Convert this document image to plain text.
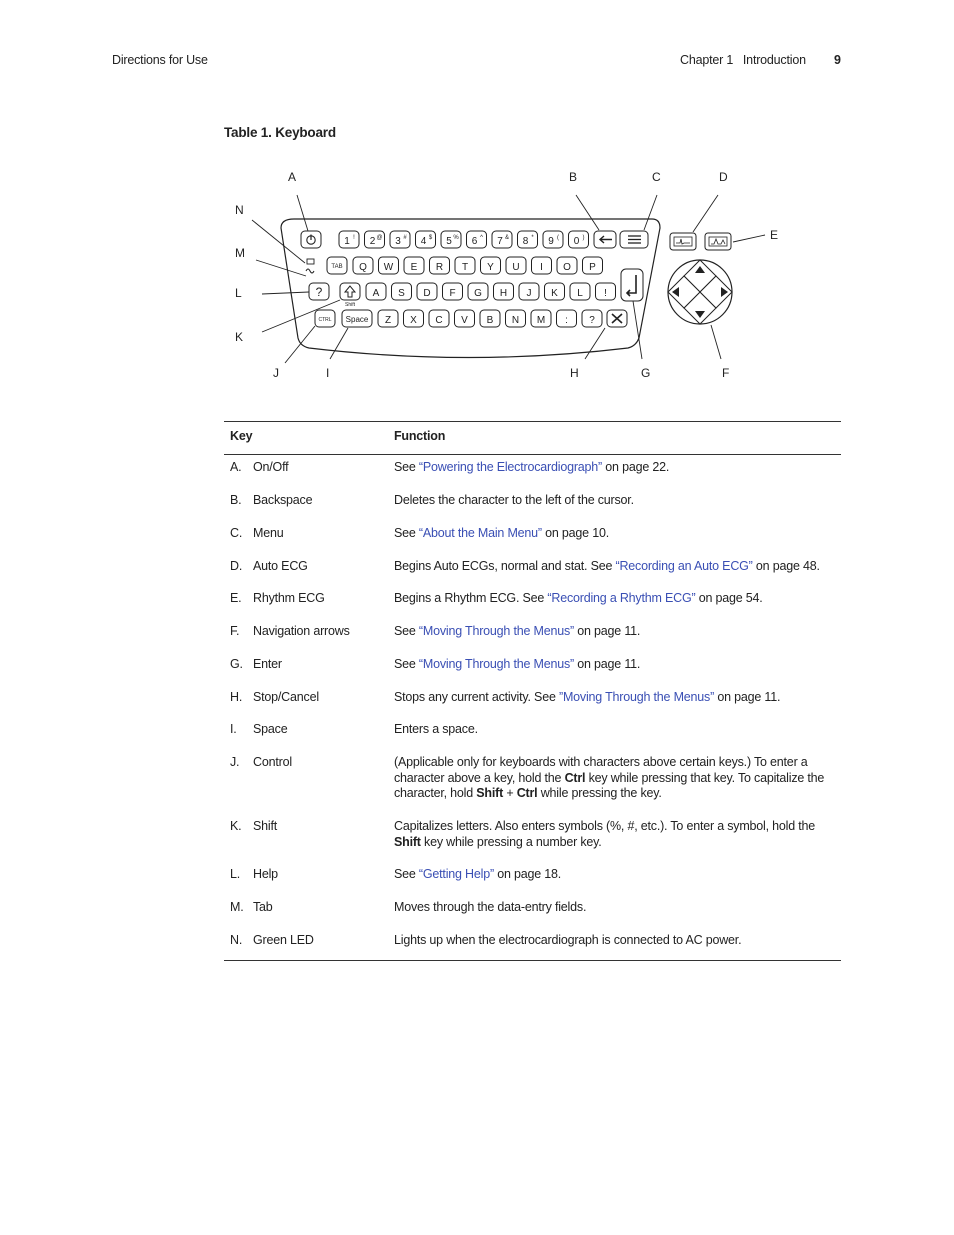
Directions for Use	Chapter 1   Introduction 9
Table 1. Keyboard
A	B	C	D
E
F
G
H
I
J
K
L
M
N
1 ! 2 @ 3 # 4 $ 5 % 6 ^ 7 & 8 * 9 ( 0 )
TAB Q W E R T Y U I O P
?
Shift
A S D F G H J K L !
CTRL Space Z X C V B N M : ?
Key	Function
A. On/Off	See “Powering the Electrocardiograph” on page 22.
B. Backspace	Deletes the character to the left of the cursor.
C. Menu	See “About the Main Menu” on page 10.
D. Auto ECG	Begins Auto ECGs, normal and stat. See “Recording an Auto ECG” on page 48.
E. Rhythm ECG	Begins a Rhythm ECG. See “Recording a Rhythm ECG” on page 54.
F. Navigation arrows	See “Moving Through the Menus” on page 11.
G. Enter	See “Moving Through the Menus” on page 11.
H. Stop/Cancel	Stops any current activity. See ”Moving Through the Menus” on page 11.
I. Space	Enters a space.
J. Control	(Applicable only for keyboards with characters above certain keys.) To enter a character above a key, hold the Ctrl key while pressing that key. To capitalize the character, hold Shift + Ctrl while pressing the key.
K. Shift	Capitalizes letters. Also enters symbols (%, #, etc.). To enter a symbol, hold the Shift key while pressing a number key.
L. Help	See “Getting Help” on page 18.
M. Tab	Moves through the data-entry fields.
N. Green LED	Lights up when the electrocardiograph is connected to AC power.
